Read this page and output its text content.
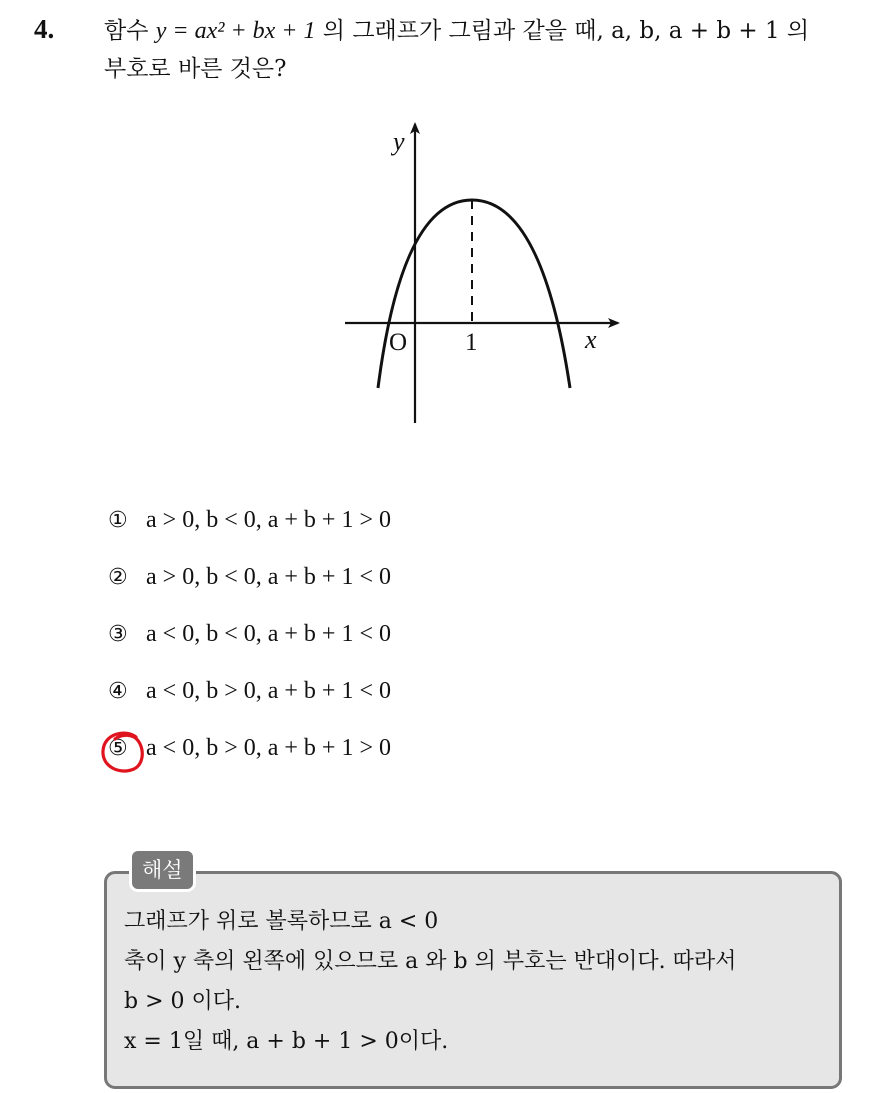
4. 함수 y = ax² + bx + 1 의 그래프가 그림과 같을 때, a, b, a + b + 1 의
부호로 바른 것은?
y
x
O 1
① a > 0, b < 0, a + b + 1 > 0
② a > 0, b < 0, a + b + 1 < 0
③ a < 0, b < 0, a + b + 1 < 0
④ a < 0, b > 0, a + b + 1 < 0
⑤ a < 0, b > 0, a + b + 1 > 0
해설
그래프가 위로 볼록하므로 a < 0
축이 y 축의 왼쪽에 있으므로 a 와 b 의 부호는 반대이다. 따라서
b > 0 이다.
x = 1일 때, a + b + 1 > 0이다.
